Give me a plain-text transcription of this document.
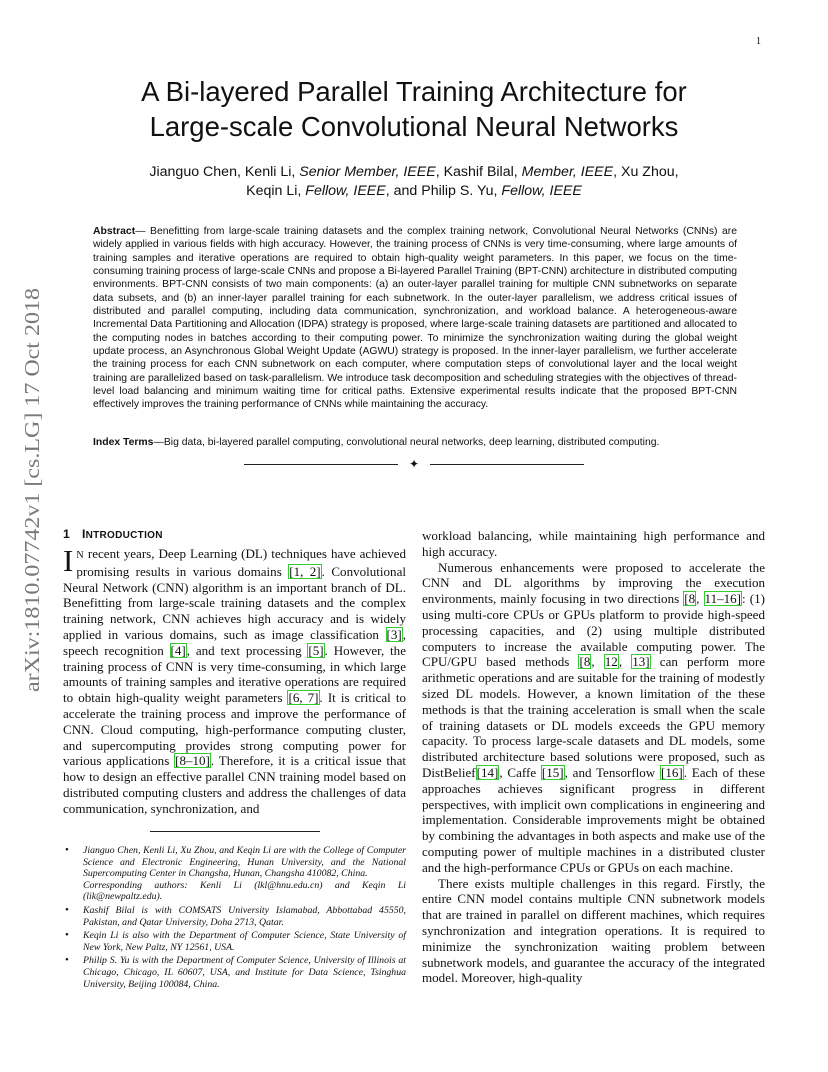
1
A Bi-layered Parallel Training Architecture for
Large-scale Convolutional Neural Networks
Jianguo Chen, Kenli Li, Senior Member, IEEE, Kashif Bilal, Member, IEEE, Xu Zhou,
Keqin Li, Fellow, IEEE, and Philip S. Yu, Fellow, IEEE
Abstract— Benefitting from large-scale training datasets and the complex training network, Convolutional Neural Networks (CNNs) are widely applied in various fields with high accuracy. However, the training process of CNNs is very time-consuming, where large amounts of training samples and iterative operations are required to obtain high-quality weight parameters. In this paper, we focus on the time-consuming training process of large-scale CNNs and propose a Bi-layered Parallel Training (BPT-CNN) architecture in distributed computing environments. BPT-CNN consists of two main components: (a) an outer-layer parallel training for multiple CNN subnetworks on separate data subsets, and (b) an inner-layer parallel training for each subnetwork. In the outer-layer parallelism, we address critical issues of distributed and parallel computing, including data communication, synchronization, and workload balance. A heterogeneous-aware Incremental Data Partitioning and Allocation (IDPA) strategy is proposed, where large-scale training datasets are partitioned and allocated to the computing nodes in batches according to their computing power. To minimize the synchronization waiting during the global weight update process, an Asynchronous Global Weight Update (AGWU) strategy is proposed. In the inner-layer parallelism, we further accelerate the training process for each CNN subnetwork on each computer, where computation steps of convolutional layer and the local weight training are parallelized based on task-parallelism. We introduce task decomposition and scheduling strategies with the objectives of thread-level load balancing and minimum waiting time for critical paths. Extensive experimental results indicate that the proposed BPT-CNN effectively improves the training performance of CNNs while maintaining the accuracy.
Index Terms—Big data, bi-layered parallel computing, convolutional neural networks, deep learning, distributed computing.
✦
arXiv:1810.07742v1 [cs.LG] 17 Oct 2018 1 INTRODUCTION

IN recent years, Deep Learning (DL) techniques have achieved promising results in various domains [1, 2]. Convolutional Neural Network (CNN) algorithm is an important branch of DL. Benefitting from large-scale training datasets and the complex training network, CNN achieves high accuracy and is widely applied in various domains, such as image classification [3], speech recognition [4], and text processing [5]. However, the training process of CNN is very time-consuming, in which large amounts of training samples and iterative operations are required to obtain high-quality weight parameters [6, 7]. It is critical to accelerate the training process and improve the performance of CNN. Cloud computing, high-performance computing cluster, and supercomputing provides strong computing power for various applications [8–10]. Therefore, it is a critical issue that how to design an effective parallel CNN training model based on distributed computing clusters and address the challenges of data communication, synchronization, and

• Jianguo Chen, Kenli Li, Xu Zhou, and Keqin Li are with the College of Computer Science and Electronic Engineering, Hunan University, and the National Supercomputing Center in Changsha, Hunan, Changsha 410082, China.
Corresponding authors: Kenli Li (lkl@hnu.edu.cn) and Keqin Li (lik@newpaltz.edu).
• Kashif Bilal is with COMSATS University Islamabad, Abbottabad 45550, Pakistan, and Qatar University, Doha 2713, Qatar.
• Keqin Li is also with the Department of Computer Science, State University of New York, New Paltz, NY 12561, USA.
• Philip S. Yu is with the Department of Computer Science, University of Illinois at Chicago, Chicago, IL 60607, USA, and Institute for Data Science, Tsinghua University, Beijing 100084, China.

workload balancing, while maintaining high performance and high accuracy.

Numerous enhancements were proposed to accelerate the CNN and DL algorithms by improving the execution environments, mainly focusing in two directions [8, 11–16]: (1) using multi-core CPUs or GPUs platform to provide high-speed processing capacities, and (2) using multiple distributed computers to increase the available computing power. The CPU/GPU based methods [8, 12, 13] can perform more arithmetic operations and are suitable for the training of modestly sized DL models. However, a known limitation of the these methods is that the training acceleration is small when the scale of training datasets or DL models exceeds the GPU memory capacity. To process large-scale datasets and DL models, some distributed architecture based solutions were proposed, such as DistBelief[14], Caffe [15], and Tensorflow [16]. Each of these approaches achieves significant progress in different perspectives, with implicit own complications in engineering and implementation. Considerable improvements might be obtained by combining the advantages in both aspects and make use of the computing power of multiple machines in a distributed cluster and the high-performance CPUs or GPUs on each machine.

There exists multiple challenges in this regard. Firstly, the entire CNN model contains multiple CNN subnetwork models that are trained in parallel on different machines, which requires synchronization and integration operations. It is required to minimize the synchronization waiting problem between subnetwork models, and guarantee the accuracy of the integrated model. Moreover, high-quality
